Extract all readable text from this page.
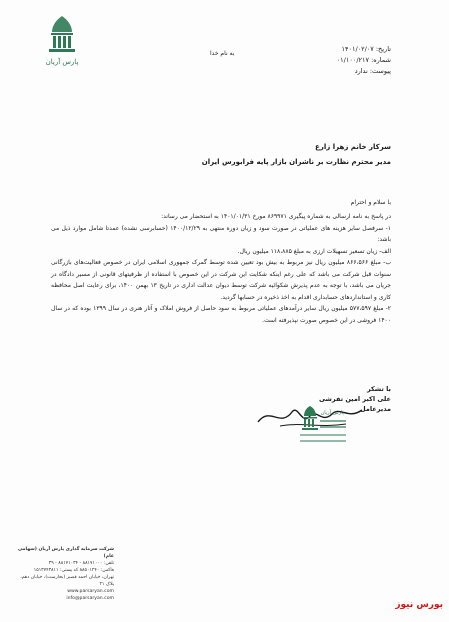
پارس آریان
به نام خدا
تاریخ: ۱۴۰۱/۰۲/۰۷
شماره: ۰۱/۱۰۰/۲۱۷
پیوست: ندارد
سرکار خانم زهرا زارع
مدیر محترم نظارت بر ناشران بازار پایه فرابورس ایران
با سلام و احترام

در پاسخ به نامه ارسالی به شماره پیگیری ۸۶۹۹۷۱ مورخ ۱۴۰۱/۰۱/۳۱ به استحضار می رساند:

۱- سرفصل سایر هزینه های عملیاتی در صورت سود و زیان دوره منتهی به ۱۴۰۰/۱۲/۲۹ (حسابرسی نشده) عمدتا شامل موارد ذیل می باشد:

الف- زیان تسعیر تسهیلات ارزی به مبلغ ۱۱۸،۸۸۵ میلیون ریال.

ب- مبلغ ۸۶۶،۵۶۶ میلیون ریال نیز مربوط به بیش بود تعیین شده توسط گمرک جمهوری اسلامی ایران در خصوص فعالیت‌های بازرگانی سنوات قبل شرکت می باشد که علی رغم اینکه شکایت این شرکت در این خصوص با استفاده از ظرفیتهای قانونی از مسیر دادگاه در جریان می باشد، با توجه به عدم پذیرش شکوائیه شرکت توسط دیوان عدالت اداری در تاریخ ۱۳ بهمن ۱۴۰۰، برای رعایت اصل محافظه کاری و استانداردهای حسابداری اقدام به اخذ ذخیره در حسابها گردید.

۲- مبلغ ۵۷۷،۵۹۷ میلیون ریال سایر درآمدهای عملیاتی مربوط به سود حاصل از فروش املاک و آثار هنری در سال ۱۳۹۹ بوده که در سال ۱۴۰۰ فروشی در این خصوص صورت نپذیرفته است.

با تشکر
علی اکبر امین تفرشی
مدیرعامل
پارس آریان
شرکت سرمایه گذاری پارس آریان (سهامی عام)
تلفن: ۸۸۱۷۱۰۰۰ - ۸۸۱۷۱۰۳۴ - ۳۹
فاکس: ۸۸۵۰۱۲۴۰ کد پستی: ۱۵۱۳۷۴۳۸۱۱
تهران، خیابان احمد قصیر (بخارست)، خیابان دهم، پلاک ۲۱
www.parsaryan.com
info@parsaryan.com
بورس نیوز
